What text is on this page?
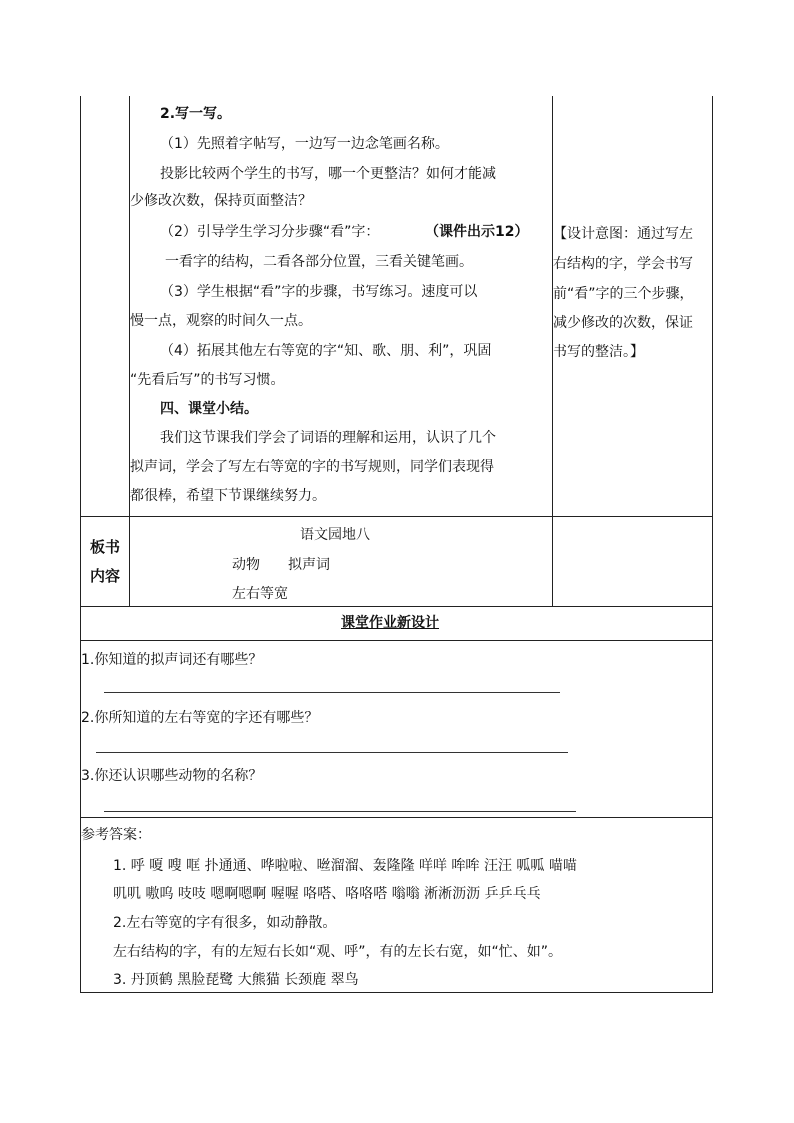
2.写一写。
（1）先照着字帖写，一边写一边念笔画名称。
投影比较两个学生的书写，哪一个更整洁？如何才能减
少修改次数，保持页面整洁？
（2）引导学生学习分步骤“看”字：	（课件出示12）
一看字的结构，二看各部分位置，三看关键笔画。
（3）学生根据“看”字的步骤，书写练习。速度可以
慢一点，观察的时间久一点。
（4）拓展其他左右等宽的字“知、歌、朋、利”，巩固
“先看后写”的书写习惯。
四、课堂小结。
我们这节课我们学会了词语的理解和运用，认识了几个
拟声词，学会了写左右等宽的字的书写规则，同学们表现得
都很棒，希望下节课继续努力。
【设计意图：通过写左
右结构的字，学会书写
前“看”字的三个步骤，
减少修改的次数，保证
书写的整洁。】
板书
内容
语文园地八
动物 拟声词
左右等宽
课堂作业新设计
1.你知道的拟声词还有哪些？
2.你所知道的左右等宽的字还有哪些？
3.你还认识哪些动物的名称？
参考答案：
1. 呼 嗄 嗖 哐 扑通通、哗啦啦、咝溜溜、轰隆隆 咩咩 哞哞 汪汪 呱呱 喵喵
叽叽 嗷呜 吱吱 嗯啊嗯啊 喔喔 咯嗒、咯咯嗒 嗡嗡 淅淅沥沥 乒乒乓乓
2.左右等宽的字有很多，如动静散。
左右结构的字，有的左短右长如“观、呼”，有的左长右宽，如“忙、如”。
3. 丹顶鹤 黑脸琵鹭 大熊猫 长颈鹿 翠鸟
